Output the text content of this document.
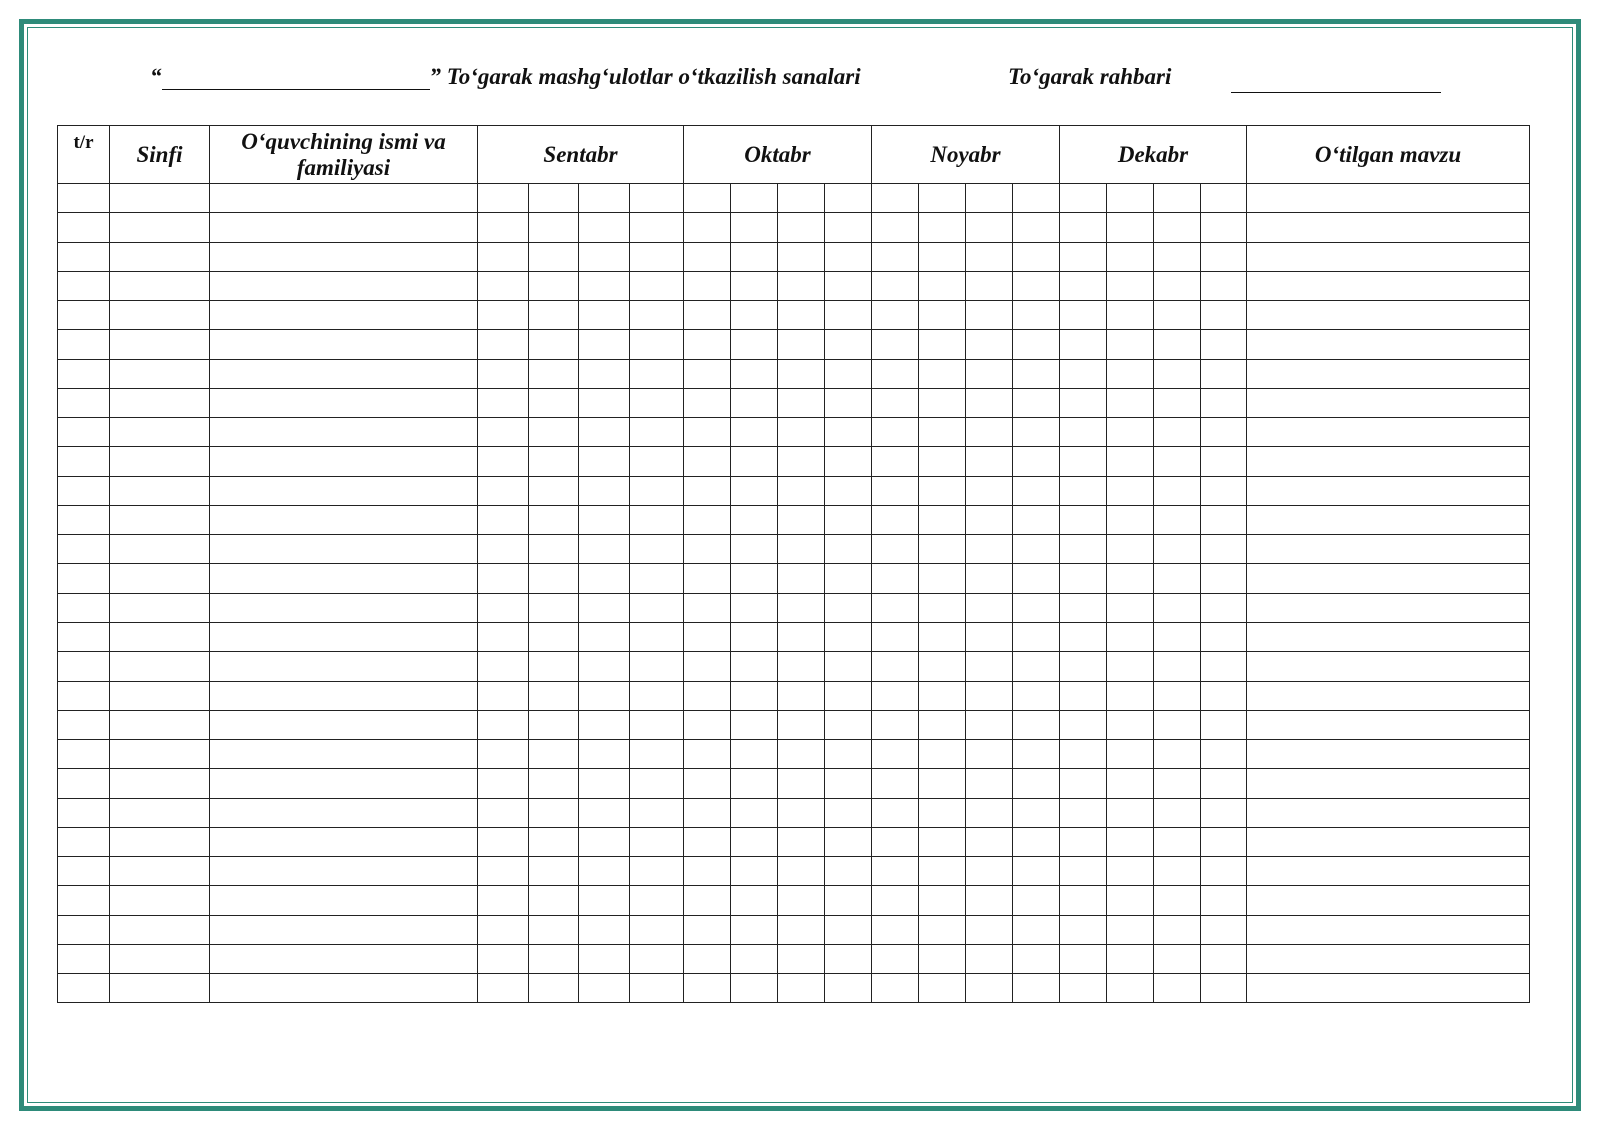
“	” To‘garak mashg‘ulotlar o‘tkazilish sanalari	To‘garak rahbari
t/r	Sinfi	O‘quvchining ismi va familiyasi	Sentabr				Oktabr				Noyabr				Dekabr				O‘tilgan mavzu
